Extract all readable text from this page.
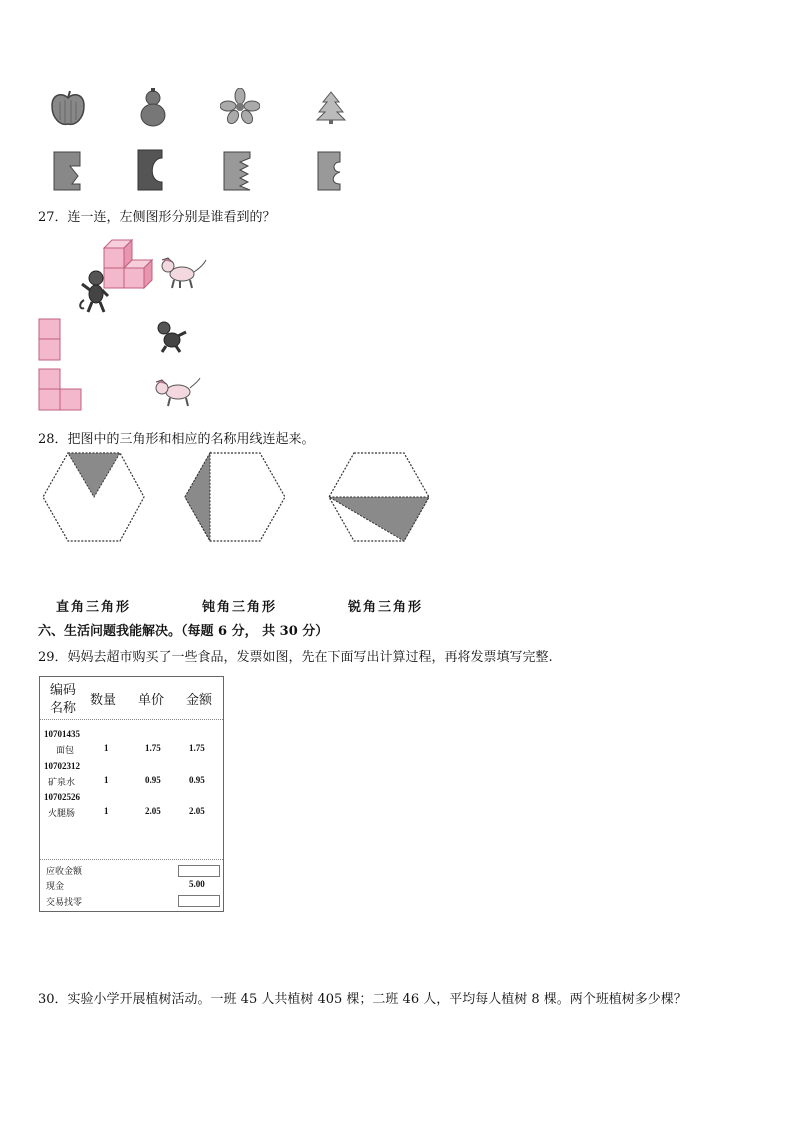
27．连一连，左侧图形分别是谁看到的？
28．把图中的三角形和相应的名称用线连起来。
直角三角形	钝角三角形	锐角三角形
六、生活问题我能解决。（每题 6 分， 共 30 分）
29．妈妈去超市购买了一些食品，发票如图，先在下面写出计算过程，再将发票填写完整.
编码
名称
数量 单价 金额
10701435
面包	1	1.75	1.75
10702312
矿泉水	1	0.95	0.95
10702526
火腿肠	1	2.05	2.05
应收金额
现金	5.00
交易找零
30．实验小学开展植树活动。一班 45 人共植树 405 棵；二班 46 人，平均每人植树 8 棵。两个班植树多少棵？
